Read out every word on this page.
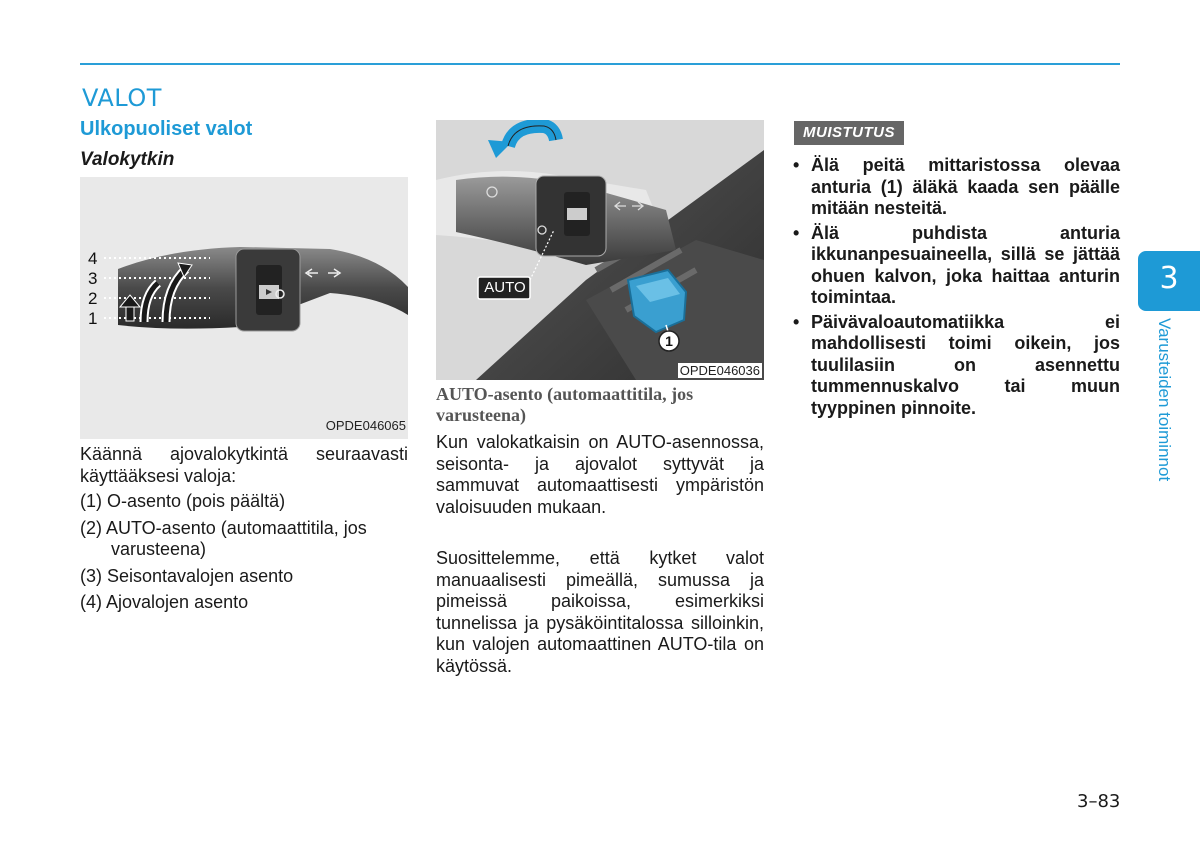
VALOT
Ulkopuoliset valot
Valokytkin
4
3
2
1
OPDE046065
Käännä ajovalokytkintä seuraavasti käyttääksesi valoja:
(1) O-asento (pois päältä)
(2) AUTO-asento (automaattitila, jos varusteena)
(3) Seisontavalojen asento
(4) Ajovalojen asento
AUTO
1
OPDE046036
AUTO-asento (automaattitila, jos varusteena)
Kun valokatkaisin on AUTO-asennossa, seisonta- ja ajovalot syttyvät ja sammuvat automaattisesti ympäristön valoisuuden mukaan.
Suosittelemme, että kytket valot manuaalisesti pimeällä, sumussa ja pimeissä paikoissa, esimerkiksi tunnelissa ja pysäköintitalossa silloinkin, kun valojen automaattinen AUTO-tila on käytössä.
MUISTUTUS
• Älä peitä mittaristossa olevaa anturia (1) äläkä kaada sen päälle mitään nesteitä.
• Älä puhdista anturia ikkunanpesuaineella, sillä se jättää ohuen kalvon, joka haittaa anturin toimintaa.
• Päivävaloautomatiikka ei mahdollisesti toimi oikein, jos tuulilasiin on asennettu tummennuskalvo tai muun tyyppinen pinnoite.
3
Varusteiden toiminnot
3–83
